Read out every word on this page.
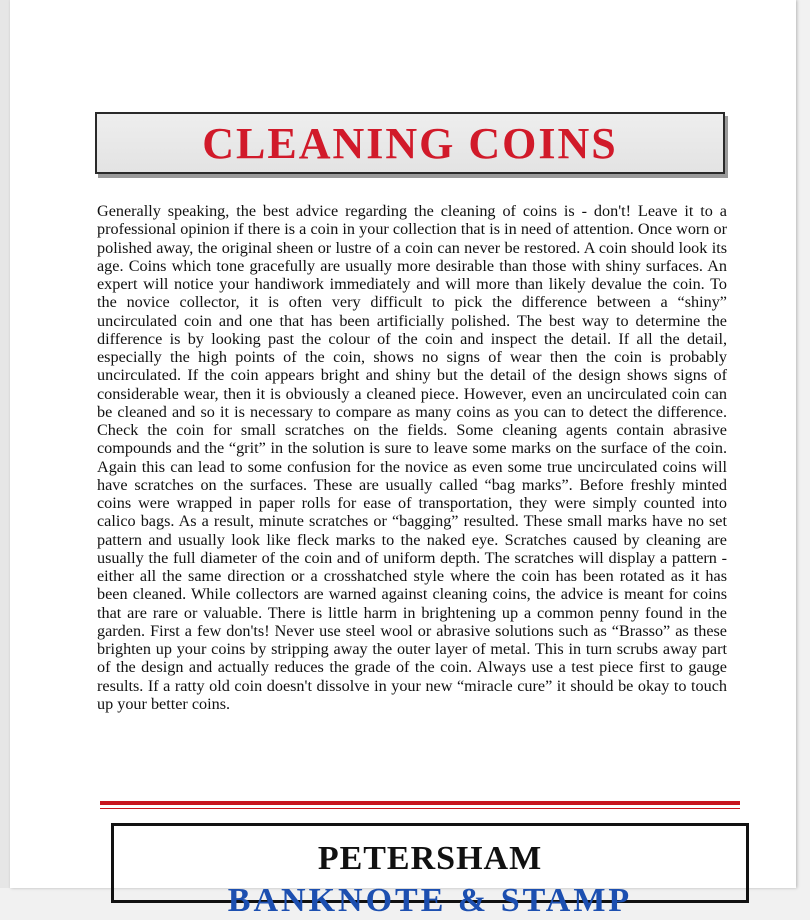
CLEANING COINS
Generally speaking, the best advice regarding the cleaning of coins is - don't! Leave it to a professional opinion if there is a coin in your collection that is in need of attention. Once worn or polished away, the original sheen or lustre of a coin can never be restored. A coin should look its age. Coins which tone gracefully are usually more desirable than those with shiny surfaces. An expert will notice your handiwork immediately and will more than likely devalue the coin. To the novice collector, it is often very difficult to pick the difference between a “shiny” uncirculated coin and one that has been artificially polished. The best way to determine the difference is by looking past the colour of the coin and inspect the detail. If all the detail, especially the high points of the coin, shows no signs of wear then the coin is probably uncirculated. If the coin appears bright and shiny but the detail of the design shows signs of considerable wear, then it is obviously a cleaned piece. However, even an uncirculated coin can be cleaned and so it is necessary to compare as many coins as you can to detect the difference. Check the coin for small scratches on the fields. Some cleaning agents contain abrasive compounds and the “grit” in the solution is sure to leave some marks on the surface of the coin. Again this can lead to some confusion for the novice as even some true uncirculated coins will have scratches on the surfaces. These are usually called “bag marks”. Before freshly minted coins were wrapped in paper rolls for ease of transportation, they were simply counted into calico bags. As a result, minute scratches or “bagging” resulted. These small marks have no set pattern and usually look like fleck marks to the naked eye. Scratches caused by cleaning are usually the full diameter of the coin and of uniform depth. The scratches will display a pattern - either all the same direction or a crosshatched style where the coin has been rotated as it has been cleaned. While collectors are warned against cleaning coins, the advice is meant for coins that are rare or valuable. There is little harm in brightening up a common penny found in the garden. First a few don'ts! Never use steel wool or abrasive solutions such as “Brasso” as these brighten up your coins by stripping away the outer layer of metal. This in turn scrubs away part of the design and actually reduces the grade of the coin. Always use a test piece first to gauge results. If a ratty old coin doesn't dissolve in your new “miracle cure” it should be okay to touch up your better coins.
PETERSHAM
BANKNOTE & STAMP
